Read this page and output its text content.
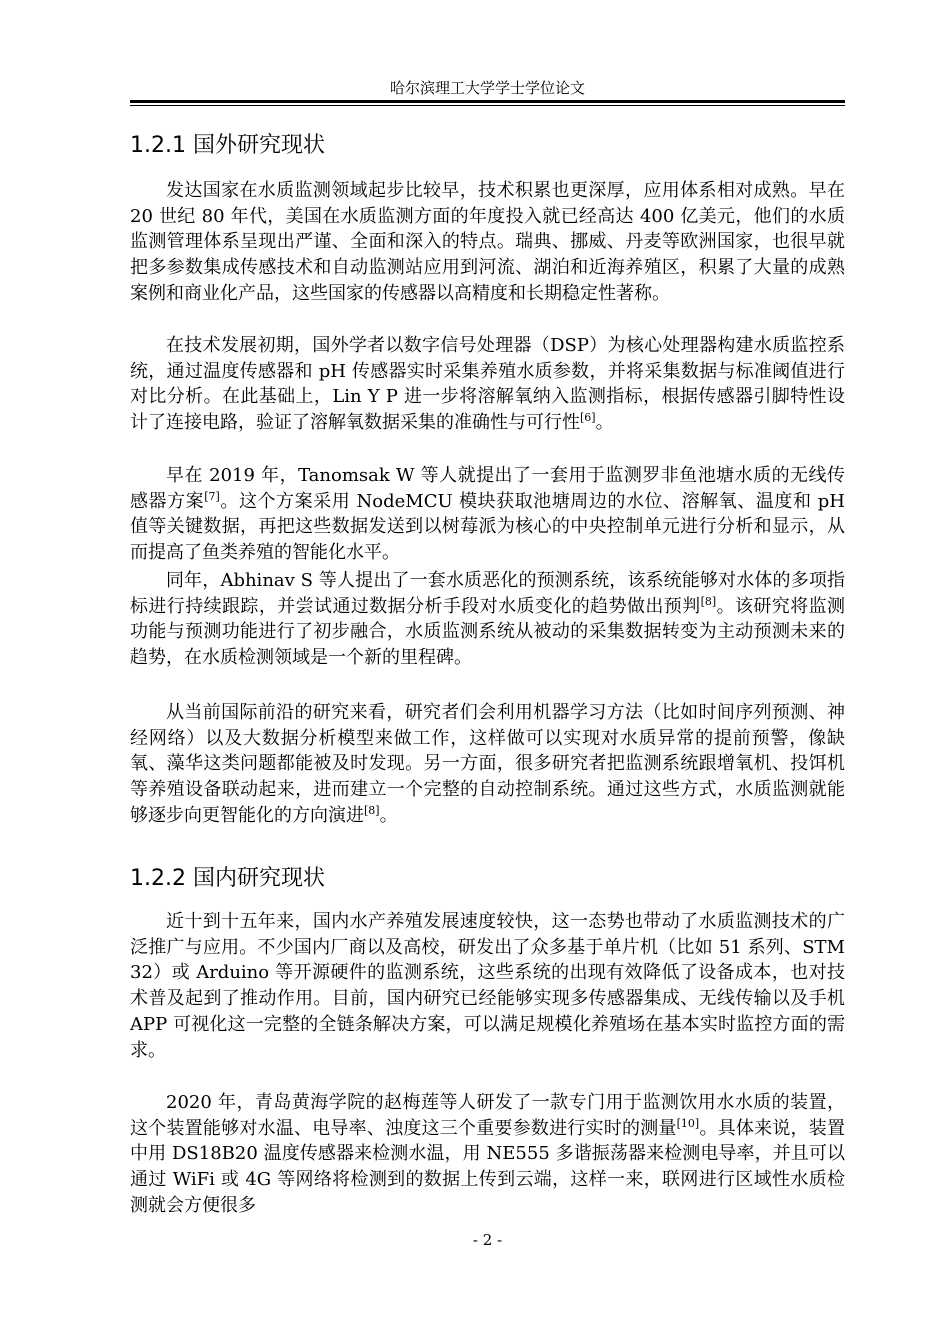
哈尔滨理工大学学士学位论文
1.2.1 国外研究现状

发达国家在水质监测领域起步比较早，技术积累也更深厚，应用体系相对成熟。早在 20 世纪 80 年代，美国在水质监测方面的年度投入就已经高达 400 亿美元，他们的水质监测管理体系呈现出严谨、全面和深入的特点。瑞典、挪威、丹麦等欧洲国家，也很早就把多参数集成传感技术和自动监测站应用到河流、湖泊和近海养殖区，积累了大量的成熟案例和商业化产品，这些国家的传感器以高精度和长期稳定性著称。

在技术发展初期，国外学者以数字信号处理器（DSP）为核心处理器构建水质监控系统，通过温度传感器和 pH 传感器实时采集养殖水质参数，并将采集数据与标准阈值进行对比分析。在此基础上，Lin Y P 进一步将溶解氧纳入监测指标，根据传感器引脚特性设计了连接电路，验证了溶解氧数据采集的准确性与可行性[6]。

早在 2019 年，Tanomsak W 等人就提出了一套用于监测罗非鱼池塘水质的无线传感器方案[7]。这个方案采用 NodeMCU 模块获取池塘周边的水位、溶解氧、温度和 pH 值等关键数据，再把这些数据发送到以树莓派为核心的中央控制单元进行分析和显示，从而提高了鱼类养殖的智能化水平。

同年，Abhinav S 等人提出了一套水质恶化的预测系统，该系统能够对水体的多项指标进行持续跟踪，并尝试通过数据分析手段对水质变化的趋势做出预判[8]。该研究将监测功能与预测功能进行了初步融合，水质监测系统从被动的采集数据转变为主动预测未来的趋势，在水质检测领域是一个新的里程碑。

从当前国际前沿的研究来看，研究者们会利用机器学习方法（比如时间序列预测、神经网络）以及大数据分析模型来做工作，这样做可以实现对水质异常的提前预警，像缺氧、藻华这类问题都能被及时发现。另一方面，很多研究者把监测系统跟增氧机、投饵机等养殖设备联动起来，进而建立一个完整的自动控制系统。通过这些方式，水质监测就能够逐步向更智能化的方向演进[8]。

1.2.2 国内研究现状

近十到十五年来，国内水产养殖发展速度较快，这一态势也带动了水质监测技术的广泛推广与应用。不少国内厂商以及高校，研发出了众多基于单片机（比如 51 系列、STM32）或 Arduino 等开源硬件的监测系统，这些系统的出现有效降低了设备成本，也对技术普及起到了推动作用。目前，国内研究已经能够实现多传感器集成、无线传输以及手机 APP 可视化这一完整的全链条解决方案，可以满足规模化养殖场在基本实时监控方面的需求。

2020 年，青岛黄海学院的赵梅莲等人研发了一款专门用于监测饮用水水质的装置，这个装置能够对水温、电导率、浊度这三个重要参数进行实时的测量[10]。具体来说，装置中用 DS18B20 温度传感器来检测水温，用 NE555 多谐振荡器来检测电导率，并且可以通过 WiFi 或 4G 等网络将检测到的数据上传到云端，这样一来，联网进行区域性水质检测就会方便很多

- 2 -
